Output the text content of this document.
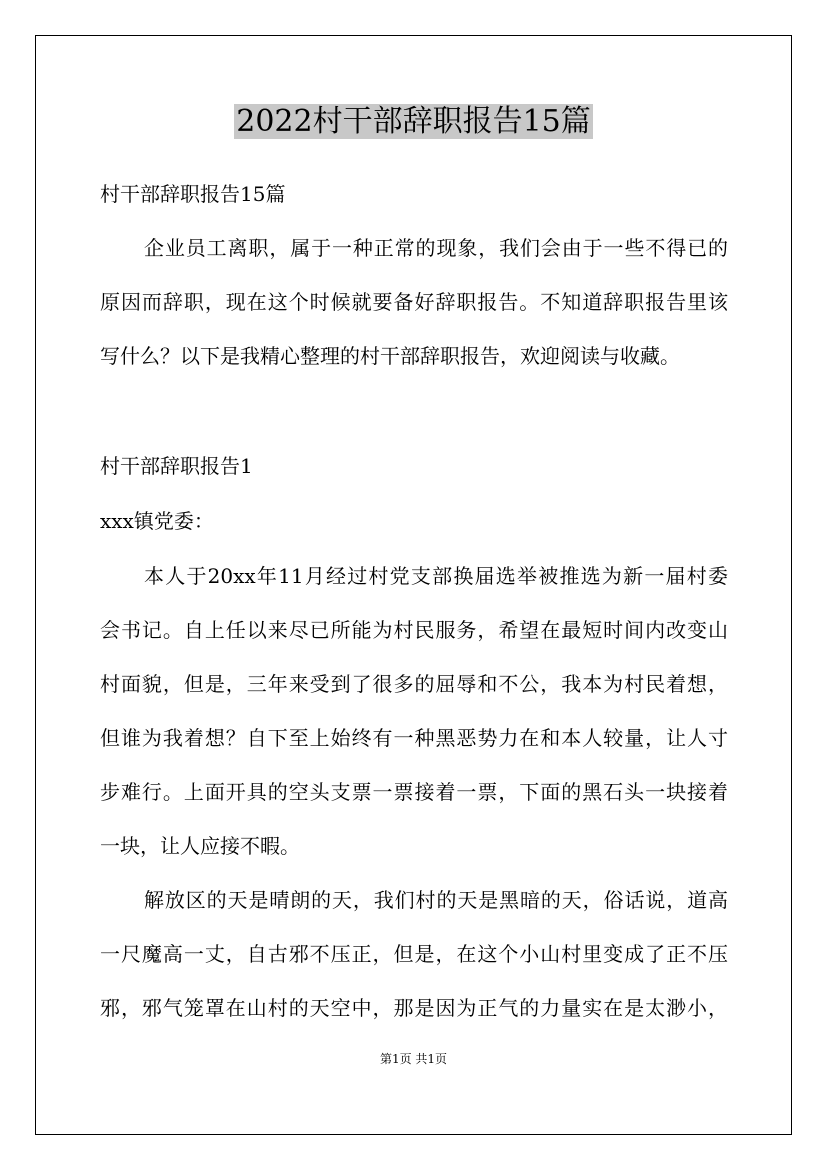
2022村干部辞职报告15篇

村干部辞职报告15篇

企业员工离职，属于一种正常的现象，我们会由于一些不得已的

原因而辞职，现在这个时候就要备好辞职报告。不知道辞职报告里该

写什么？以下是我精心整理的村干部辞职报告，欢迎阅读与收藏。

村干部辞职报告1

xxx镇党委：

本人于20xx年11月经过村党支部换届选举被推选为新一届村委

会书记。自上任以来尽已所能为村民服务，希望在最短时间内改变山

村面貌，但是，三年来受到了很多的屈辱和不公，我本为村民着想，

但谁为我着想？自下至上始终有一种黑恶势力在和本人较量，让人寸

步难行。上面开具的空头支票一票接着一票，下面的黑石头一块接着

一块，让人应接不暇。

解放区的天是晴朗的天，我们村的天是黑暗的天，俗话说，道高

一尺魔高一丈，自古邪不压正，但是，在这个小山村里变成了正不压

邪，邪气笼罩在山村的天空中，那是因为正气的力量实在是太渺小，

第1页 共1页
